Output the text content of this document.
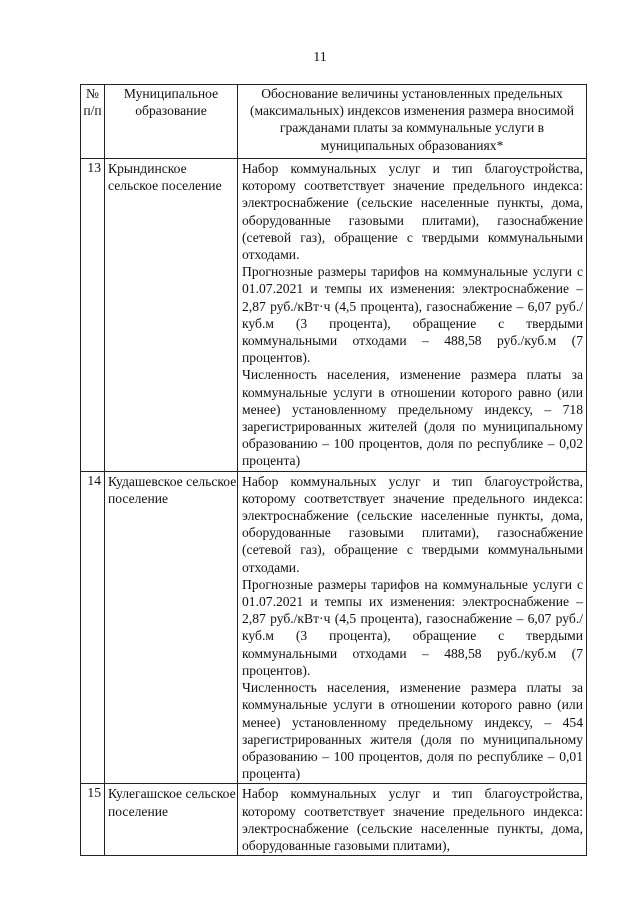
11
№ п/п	Муниципальное образование	Обоснование величины установленных предельных (максимальных) индексов изменения размера вносимой гражданами платы за коммунальные услуги в муниципальных образованиях*
13	Крындинское сельское поселение	Набор коммунальных услуг и тип благоустройства, которому соответствует значение предельного индекса: электроснабжение (сельские населенные пункты, дома, оборудованные газовыми плитами), газоснабжение (сетевой газ), обращение с твердыми коммунальными отходами.

Прогнозные размеры тарифов на коммунальные услуги с 01.07.2021 и темпы их изменения: электроснабжение – 2,87 руб./кВт·ч (4,5 процента), газоснабжение – 6,07 руб./куб.м (3 процента), обращение с твердыми коммунальными отходами – 488,58 руб./куб.м (7 процентов).

Численность населения, изменение размера платы за коммунальные услуги в отношении которого равно (или менее) установленному предельному индексу, – 718 зарегистрированных жителей (доля по муниципальному образованию – 100 процентов, доля по республике – 0,02 процента)

14	Кудашевское сельское поселение	Набор коммунальных услуг и тип благоустройства, которому соответствует значение предельного индекса: электроснабжение (сельские населенные пункты, дома, оборудованные газовыми плитами), газоснабжение (сетевой газ), обращение с твердыми коммунальными отходами.

Прогнозные размеры тарифов на коммунальные услуги с 01.07.2021 и темпы их изменения: электроснабжение – 2,87 руб./кВт·ч (4,5 процента), газоснабжение – 6,07 руб./куб.м (3 процента), обращение с твердыми коммунальными отходами – 488,58 руб./куб.м (7 процентов).

Численность населения, изменение размера платы за коммунальные услуги в отношении которого равно (или менее) установленному предельному индексу, – 454 зарегистрированных жителя (доля по муниципальному образованию – 100 процентов, доля по республике – 0,01 процента)

15	Кулегашское сельское поселение	Набор коммунальных услуг и тип благоустройства, которому соответствует значение предельного индекса: электроснабжение (сельские населенные пункты, дома, оборудованные газовыми плитами),
